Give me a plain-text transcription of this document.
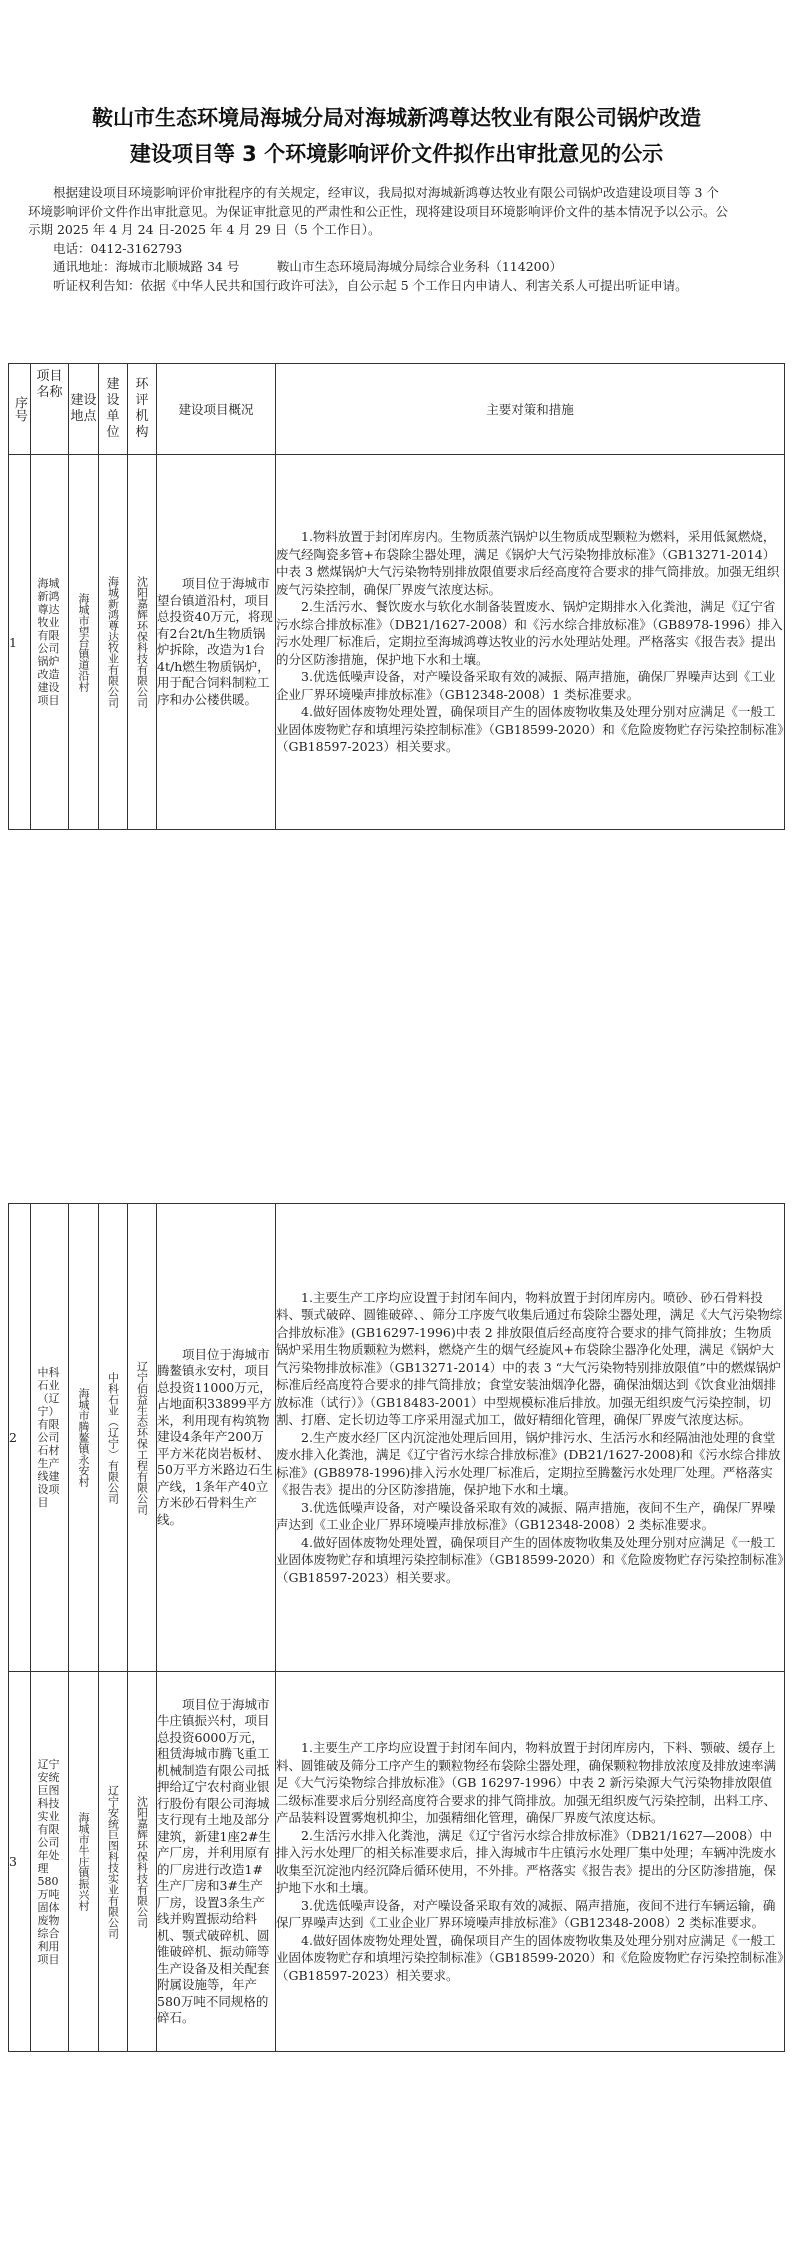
鞍山市生态环境局海城分局对海城新鸿尊达牧业有限公司锅炉改造
建设项目等 3 个环境影响评价文件拟作出审批意见的公示

根据建设项目环境影响评价审批程序的有关规定，经审议，我局拟对海城新鸿尊达牧业有限公司锅炉改造建设项目等 3 个环境影响评价文件作出审批意见。为保证审批意见的严肃性和公正性，现将建设项目环境影响评价文件的基本情况予以公示。公示期 2025 年 4 月 24 日-2025 年 4 月 29 日（5 个工作日）。

电话：0412-3162793

通讯地址：海城市北顺城路 34 号　　　鞍山市生态环境局海城分局综合业务科（114200）

听证权利告知：依据《中华人民共和国行政许可法》，自公示起 5 个工作日内申请人、利害关系人可提出听证申请。

序号	项目名称	建设地点	建设单位	环评机构	建设项目概况	主要对策和措施
1	海城新鸿尊达牧业有限公司锅炉改造建设项目	海城市望台镇道沿村	海城新鸿尊达牧业有限公司	沈阳嘉辉环保科技有限公司	项目位于海城市望台镇道沿村，项目总投资40万元，将现有2台2t/h生物质锅炉拆除，改造为1台4t/h燃生物质锅炉，用于配合饲料制粒工序和办公楼供暖。	1.物料放置于封闭库房内。生物质蒸汽锅炉以生物质成型颗粒为燃料，采用低氮燃烧，废气经陶瓷多管+布袋除尘器处理，满足《锅炉大气污染物排放标准》（GB13271-2014）中表 3 燃煤锅炉大气污染物特别排放限值要求后经高度符合要求的排气筒排放。加强无组织废气污染控制，确保厂界废气浓度达标。

2.生活污水、餐饮废水与软化水制备装置废水、锅炉定期排水入化粪池，满足《辽宁省污水综合排放标准》（DB21/1627-2008）和《污水综合排放标准》（GB8978-1996）排入污水处理厂标准后，定期拉至海城鸿尊达牧业的污水处理站处理。严格落实《报告表》提出的分区防渗措施，保护地下水和土壤。

3.优选低噪声设备，对产噪设备采取有效的减振、隔声措施，确保厂界噪声达到《工业企业厂界环境噪声排放标准》（GB12348-2008）1 类标准要求。

4.做好固体废物处理处置，确保项目产生的固体废物收集及处理分别对应满足《一般工业固体废物贮存和填埋污染控制标准》（GB18599-2020）和《危险废物贮存污染控制标准》（GB18597-2023）相关要求。

2	中科石业（辽宁）有限公司石材生产线建设项目	海城市腾鳌镇永安村	中科石业（辽宁）有限公司	辽宁佰益生态环保工程有限公司	项目位于海城市腾鳌镇永安村，项目总投资11000万元，占地面积33899平方米，利用现有构筑物建设4条年产200万平方米花岗岩板材、50万平方米路边石生产线，1条年产40立方米砂石骨料生产线。	1.主要生产工序均应设置于封闭车间内，物料放置于封闭库房内。喷砂、砂石骨料投料、颚式破碎、圆锥破碎、、筛分工序废气收集后通过布袋除尘器处理，满足《大气污染物综合排放标准》(GB16297-1996)中表 2 排放限值后经高度符合要求的排气筒排放；生物质锅炉采用生物质颗粒为燃料，燃烧产生的烟气经旋风+布袋除尘器净化处理，满足《锅炉大气污染物排放标准》（GB13271-2014）中的表 3 “大气污染物特别排放限值”中的燃煤锅炉标准后经高度符合要求的排气筒排放；食堂安装油烟净化器，确保油烟达到《饮食业油烟排放标准（试行）》（GB18483-2001）中型规模标准后排放。加强无组织废气污染控制，切割、打磨、定长切边等工序采用湿式加工，做好精细化管理，确保厂界废气浓度达标。

2.生产废水经厂区内沉淀池处理后回用，锅炉排污水、生活污水和经隔油池处理的食堂废水排入化粪池，满足《辽宁省污水综合排放标准》(DB21/1627-2008)和《污水综合排放标准》(GB8978-1996)排入污水处理厂标准后，定期拉至腾鳌污水处理厂处理。严格落实《报告表》提出的分区防渗措施，保护地下水和土壤。

3.优选低噪声设备，对产噪设备采取有效的减振、隔声措施，夜间不生产，确保厂界噪声达到《工业企业厂界环境噪声排放标准》（GB12348-2008）2 类标准要求。

4.做好固体废物处理处置，确保项目产生的固体废物收集及处理分别对应满足《一般工业固体废物贮存和填埋污染控制标准》（GB18599-2020）和《危险废物贮存污染控制标准》（GB18597-2023）相关要求。

3	辽宁安统巨图科技实业有限公司年处理580万吨固体废物综合利用项目	海城市牛庄镇振兴村	辽宁安统巨图科技实业有限公司	沈阳嘉辉环保科技有限公司	项目位于海城市牛庄镇振兴村，项目总投资6000万元，租赁海城市腾飞重工机械制造有限公司抵押给辽宁农村商业银行股份有限公司海城支行现有土地及部分建筑，新建1座2#生产厂房，并利用原有的厂房进行改造1#生产厂房和3#生产厂房，设置3条生产线并购置振动给料机、颚式破碎机、圆锥破碎机、振动筛等生产设备及相关配套附属设施等，年产580万吨不同规格的碎石。	1.主要生产工序均应设置于封闭车间内，物料放置于封闭库房内，下料、颚破、缓存上料、圆锥破及筛分工序产生的颗粒物经布袋除尘器处理，确保颗粒物排放浓度及排放速率满足《大气污染物综合排放标准》（GB 16297-1996）中表 2 新污染源大气污染物排放限值二级标准要求后分别经高度符合要求的排气筒排放。加强无组织废气污染控制，出料工序、产品装料设置雾炮机抑尘，加强精细化管理，确保厂界废气浓度达标。

2.生活污水排入化粪池，满足《辽宁省污水综合排放标准》（DB21/1627—2008）中排入污水处理厂的相关标准要求后，排入海城市牛庄镇污水处理厂集中处理；车辆冲洗废水收集至沉淀池内经沉降后循环使用，不外排。严格落实《报告表》提出的分区防渗措施，保护地下水和土壤。

3.优选低噪声设备，对产噪设备采取有效的减振、隔声措施，夜间不进行车辆运输，确保厂界噪声达到《工业企业厂界环境噪声排放标准》（GB12348-2008）2 类标准要求。

4.做好固体废物处理处置，确保项目产生的固体废物收集及处理分别对应满足《一般工业固体废物贮存和填埋污染控制标准》（GB18599-2020）和《危险废物贮存污染控制标准》（GB18597-2023）相关要求。
